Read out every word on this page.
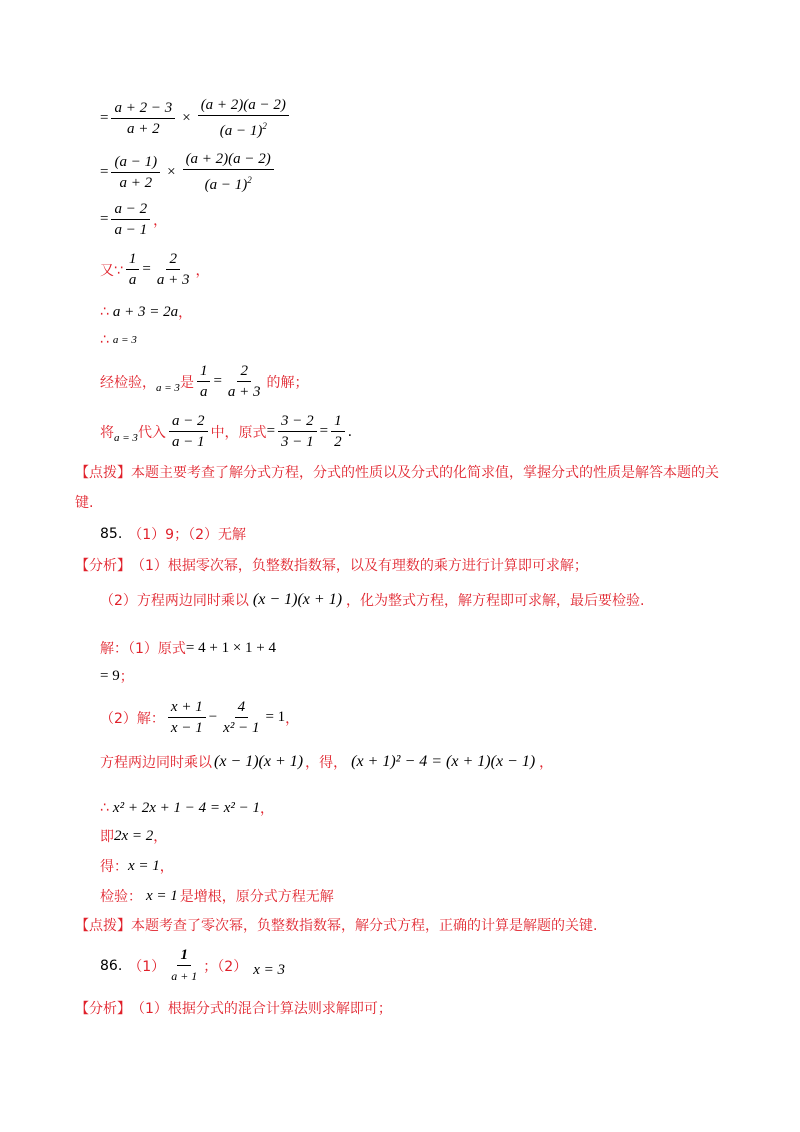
= $\frac{a + 2 - 3}{a + 2} \times \frac{(a + 2)(a - 2)}{(a - 1)^2}$
= $\frac{(a - 1)}{a + 2} \times \frac{(a + 2)(a - 2)}{(a - 1)^2}$
= $\frac{a - 2}{a - 1}$ ，
又∵ $\frac{1}{a} = \frac{2}{a + 3}$ ，
∴ a + 3 = 2a ，
∴ a = 3
经检验， a = 3 是 $\frac{1}{a} = \frac{2}{a + 3}$ 的解；
将 a = 3 代入 $\frac{a - 2}{a - 1}$ 中，原式 = $\frac{3 - 2}{3 - 1} = \frac{1}{2}$ .
【点拨】本题主要考查了解分式方程，分式的性质以及分式的化简求值，掌握分式的性质是解答本题的关键.
85. （1）9；（2）无解
【分析】 （1）根据零次幂，负整数指数幂，以及有理数的乘方进行计算即可求解；
（2）方程两边同时乘以 (x − 1)(x + 1) ，化为整式方程，解方程即可求解，最后要检验.
解：（1）原式 = 4 + 1 × 1 + 4
= 9 ；
（2）解： $\frac{x + 1}{x - 1} - \frac{4}{\text{x² − 1}} = 1$ ，
方程两边同时乘以 (x − 1)(x + 1) ，得， (x + 1)² − 4 = (x + 1)(x − 1) ，
∴ x² + 2x + 1 − 4 = x² − 1 ，
即 2x = 2 ，
得： x = 1 ，
检验： x = 1 是增根，原分式方程无解
【点拨】 本题考查了零次幂，负整数指数幂，解分式方程，正确的计算是解题的关键.
86. $(1) \frac{1}{a + 1}$ ；（2） x = 3
【分析】 （1）根据分式的混合计算法则求解即可；
